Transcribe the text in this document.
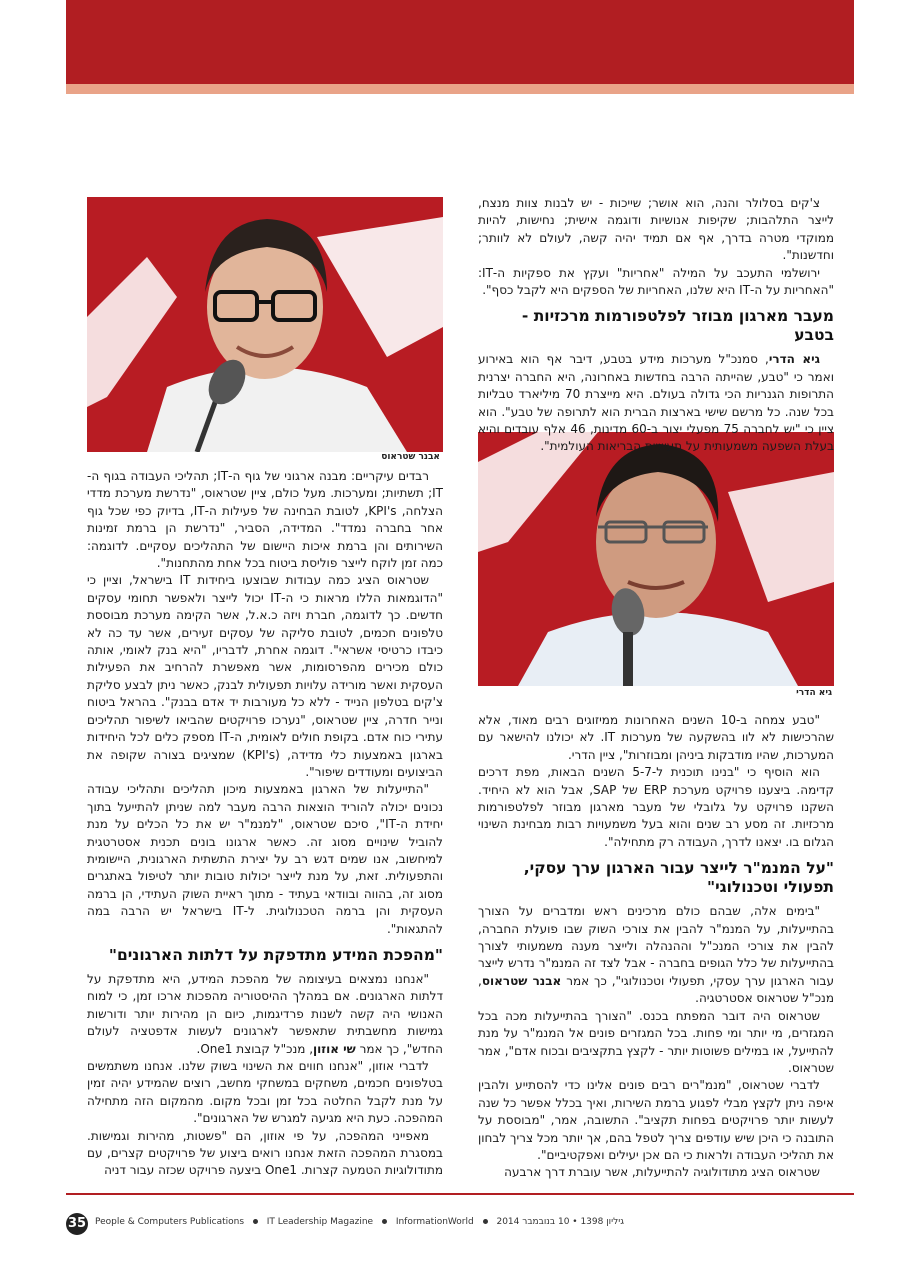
אבנר שטראוס
גיא הדרי

צ'קים בסלולר והנה, הוא אושר; שייכות - יש לבנות צוות מנצח, לייצר התלהבות; שקיפות אנושיות ודוגמה אישית; נחישות, להיות ממוקדי מטרה בדרך, אף אם תמיד יהיה קשה, לעולם לא לוותר; וחדשנות".

ירושלמי התעכב על המילה "אחריות" ועקץ את ספקיות ה-IT: "האחריות על ה-IT היא שלנו, האחריות של הספקים היא לקבל כסף".

מעבר מארגון מבוזר לפלטפורמות מרכזיות - בטבע

גיא הדרי, סמנכ"ל מערכות מידע בטבע, דיבר אף הוא באירוע ואמר כי "טבע, שהייתה הרבה בחדשות באחרונה, היא החברה יצרנית התרופות הגנריות הכי גדולה בעולם. היא מייצרת 70 מיליארד טבליות בכל שנה. כל מרשם שישי בארצות הברית הוא לתרופה של טבע". הוא ציין כי "יש לחברה 75 מפעלי יצור ב-60 מדינות, 46 אלף עובדים והיא בעלת השפעה משמעותית על תעשיית הבריאות העולמית".

"טבע צמחה ב-10 השנים האחרונות ממיזוגים רבים מאוד, אלא שהרכישות לא לוו בהשקעה של מערכות IT. לא יכולנו להישאר עם המערכות, שהיו מודבקות ביניהן ומבוזרות", ציין הדרי.

הוא הוסיף כי "בנינו תוכנית ל-5-7 השנים הבאות, מפת דרכים קדימה. ביצענו פרויקט מערכת ERP של SAP, אבל הוא לא היחיד. השקנו פרויקט על גלובלי של מעבר מארגון מבוזר לפלטפורמות מרכזיות. זה מסע רב שנים והוא בעל משמעויות רבות מבחינת השינוי הגלום בו. יצאנו לדרך, העבודה רק מתחילה".

"על המנמ"ר לייצר עבור הארגון ערך עסקי, תפעולי וטכנולוגי"

"בימים אלה, שבהם כולם מרכינים ראש ומדברים על הצורך בהתייעלות, על המנמ"ר להבין את צורכי השוק שבו פועלת החברה, להבין את צורכי המנכ"ל וההנהלה ולייצר מענה משמעותי לצורך בהתייעלות של כלל הגופים בחברה - אבל לצד זה המנמ"ר נדרש לייצר עבור הארגון ערך עסקי, תפעולי וטכנולוגי", כך אמר אבנר שטראוס, מנכ"ל שטראוס אסטרטגיה.

שטראוס היה דובר המפתח בכנס. "הצורך בהתייעלות מכה בכל המגזרים, מי יותר ומי פחות. בכל המגזרים פונים אל המנמ"ר על מנת להתייעל, או במילים פשוטות יותר - לקצץ בתקציבים ובכוח אדם", אמר שטראוס.

לדברי שטראוס, "מנמ"רים רבים פונים אלינו כדי להסתייע ולהבין איפה ניתן לקצץ מבלי לפגוע ברמת השירות, ואיך בכלל אפשר כל שנה לעשות יותר פרויקטים בפחות תקציב". התשובה, אמר, "מבוססת על התובנה כי היכן שיש עודפים צריך לטפל בהם, אך יותר מכל צריך לבחון את תהליכי העבודה ולראות כי הם אכן יעילים ואפקטיביים".

שטראוס הציג מתודולוגיה להתייעלות, אשר עוברת דרך ארבעה

רבדים עיקריים: מבנה ארגוני של גוף ה-IT; תהליכי העבודה בגוף ה-IT; תשתיות; ומערכות. מעל כולם, ציין שטראוס, "נדרשת מערכת מדדי הצלחה, KPI's, לטובת הבחינה של פעילות ה-IT, בדיוק כפי שכל גוף אחר בחברה נמדד". המדידה, הסביר, "נדרשת הן ברמת זמינות השירותים והן ברמת איכות היישום של התהליכים עסקיים. לדוגמה: כמה זמן לוקח לייצר פוליסת ביטוח בכל אחת מהתחנות".

שטראוס הציג כמה עבודות שבוצעו ביחידות IT בישראל, וציין כי "הדוגמאות הללו מראות כי ה-IT יכול לייצר ולאפשר תחומי עסקים חדשים. כך לדוגמה, חברת ויזה כ.א.ל, אשר הקימה מערכת מבוססת טלפונים חכמים, לטובת סליקה של עסקים זעירים, אשר עד כה לא כיבדו כרטיסי אשראי". דוגמה אחרת, לדבריו, "היא בנק לאומי, אותה כולם מכירים מהפרסומות, אשר מאפשרת להרחיב את הפעילות העסקית ואשר מורידה עלויות תפעולית לבנק, כאשר ניתן לבצע סליקת צ'קים בטלפון הנייד - ללא כל מעורבות יד אדם בבנק". בהראל ביטוח ונייר חדרה, ציין שטראוס, "נערכו פרויקטים שהביאו לשיפור תהליכים עתירי כוח אדם. בקופת חולים לאומית, ה-IT מספק כלים לכל היחידות בארגון באמצעות כלי מדידה, (KPI's) שמציגים בצורה שקופה את הביצועים ומעודדים שיפור".

"התייעלות של הארגון באמצעות מיכון תהליכים ותהליכי עבודה נכונים יכולה להוריד הוצאות הרבה מעבר למה שניתן להתייעל בתוך יחידת ה-IT", סיכם שטראוס, "למנמ"ר יש את כל הכלים על מנת להוביל שינויים מסוג זה. כאשר ארגונו בונים תכנית אסטרטגית למיחשוב, אנו שמים דגש רב על יצירת התשתית הארגונית, היישומית והתפעולית. זאת, על מנת לייצר יכולות טובות יותר לטיפול באתגרים מסוג זה, בהווה ובוודאי בעתיד - מתוך ראיית השוק העתידי, הן ברמה העסקית והן ברמה הטכנולוגית. ל-IT בישראל יש הרבה במה להתגאות".

"מהפכת המידע מתדפקת על דלתות הארגונים"

"אנחנו נמצאים בעיצומה של מהפכת המידע, היא מתדפקת על דלתות הארגונים. אם במהלך ההיסטוריה מהפכות ארכו זמן, כי למוח האנושי היה קשה לשנות פרדיגמות, כיום הן מהירות יותר ודורשות גמישות מחשבתית שתאפשר לארגונים לעשות אדפטציה לעולם החדש", כך אמר שי אוזון, מנכ"ל קבוצת One1.

לדברי אוזון, "אנחנו חווים את השינוי בשוק שלנו. אנחנו משתמשים בטלפונים חכמים, משחקים במשחקי מחשב, רוצים שהמידע יהיה זמין על מנת לקבל החלטה בכל זמן ובכל מקום. מהמקום הזה מתחילה המהפכה. כעת היא מגיעה למגרש של הארגונים".

מאפייני המהפכה, על פי אוזון, הם "פשטות, מהירות וגמישות. במסגרת המהפכה הזאת אנחנו רואים ביצוע של פרויקטים קצרים, עם מתודולוגיות הטמעה קצרות. One1 ביצעה פרויקט שכזה עבור דניה

35 People & Computers Publications	IT Leadership Magazine	InformationWorld	גיליון 1398 • 10 בנובמבר 2014
